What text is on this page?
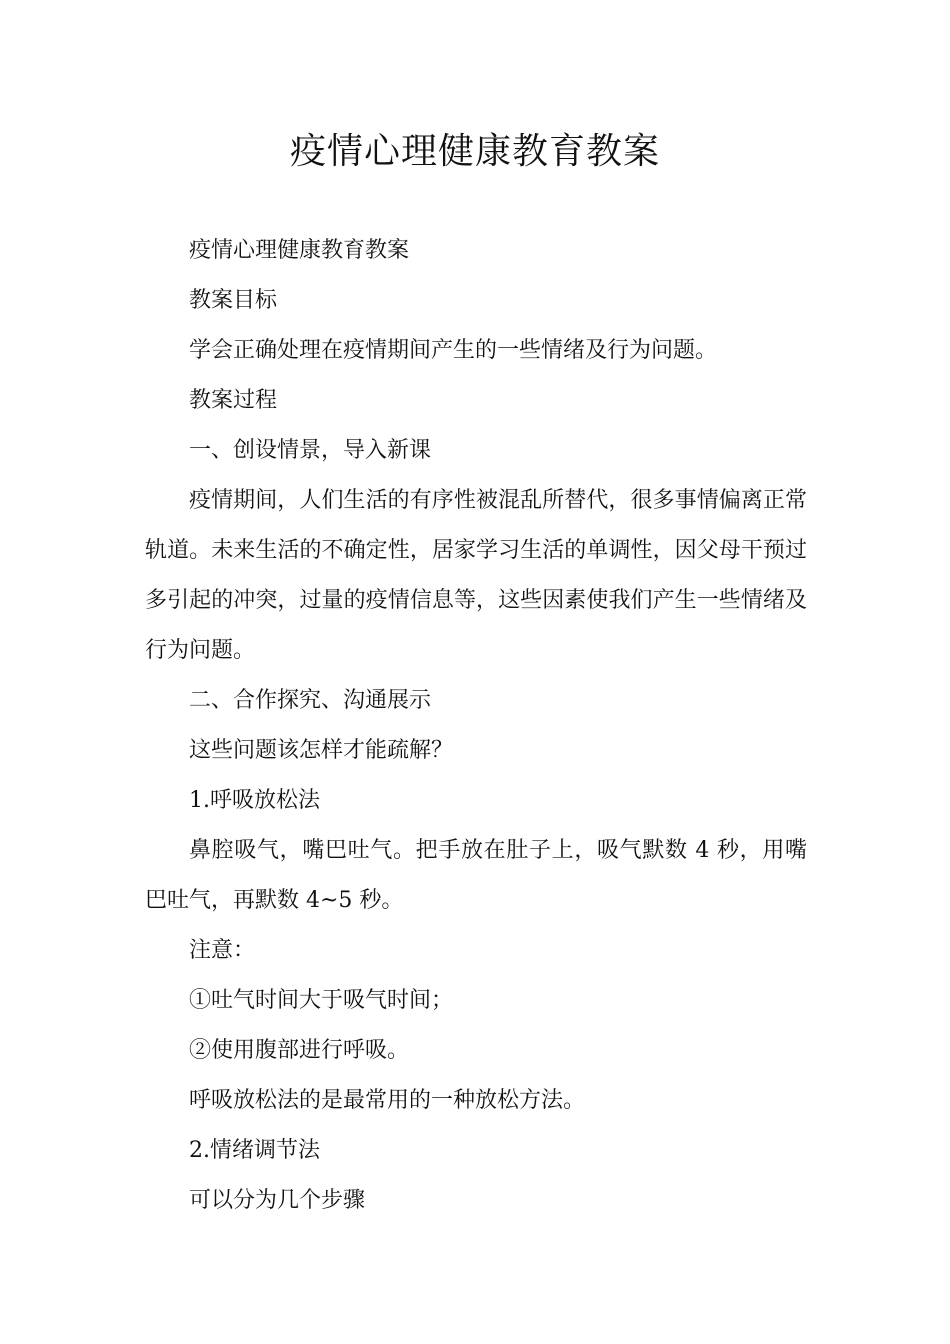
疫情心理健康教育教案

疫情心理健康教育教案

教案目标

学会正确处理在疫情期间产生的一些情绪及行为问题。

教案过程

一、创设情景，导入新课

疫情期间，人们生活的有序性被混乱所替代，很多事情偏离正常轨道。未来生活的不确定性，居家学习生活的单调性，因父母干预过多引起的冲突，过量的疫情信息等，这些因素使我们产生一些情绪及行为问题。

二、合作探究、沟通展示

这些问题该怎样才能疏解？

1.呼吸放松法

鼻腔吸气，嘴巴吐气。把手放在肚子上，吸气默数 4 秒，用嘴巴吐气，再默数 4~5 秒。

注意：

①吐气时间大于吸气时间；

②使用腹部进行呼吸。

呼吸放松法的是最常用的一种放松方法。

2.情绪调节法

可以分为几个步骤
